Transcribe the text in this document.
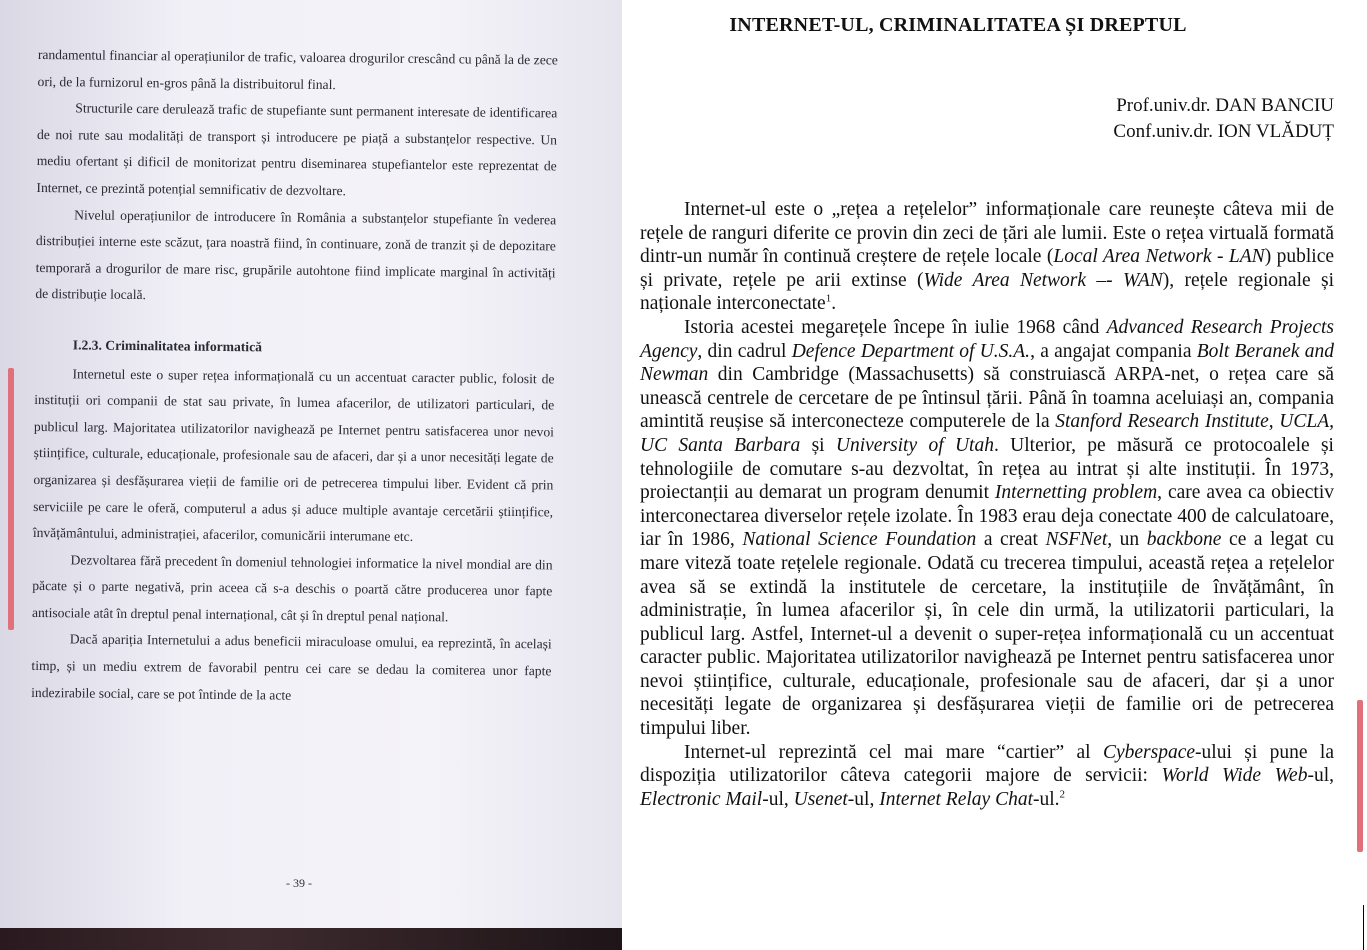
randamentul financiar al operațiunilor de trafic, valoarea drogurilor crescând cu până la de zece ori, de la furnizorul en-gros până la distribuitorul final.

Structurile care derulează trafic de stupefiante sunt permanent interesate de identificarea de noi rute sau modalități de transport și introducere pe piață a substanțelor respective. Un mediu ofertant și dificil de monitorizat pentru diseminarea stupefiantelor este reprezentat de Internet, ce prezintă potențial semnificativ de dezvoltare.

Nivelul operațiunilor de introducere în România a substanțelor stupefiante în vederea distribuției interne este scăzut, țara noastră fiind, în continuare, zonă de tranzit și de depozitare temporară a drogurilor de mare risc, grupările autohtone fiind implicate marginal în activități de distribuție locală.

I.2.3. Criminalitatea informatică

Internetul este o super rețea informațională cu un accentuat caracter public, folosit de instituții ori companii de stat sau private, în lumea afacerilor, de utilizatori particulari, de publicul larg. Majoritatea utilizatorilor navighează pe Internet pentru satisfacerea unor nevoi științifice, culturale, educaționale, profesionale sau de afaceri, dar și a unor necesități legate de organizarea și desfășurarea vieții de familie ori de petrecerea timpului liber. Evident că prin serviciile pe care le oferă, computerul a adus și aduce multiple avantaje cercetării științifice, învățământului, administrației, afacerilor, comunicării interumane etc.

Dezvoltarea fără precedent în domeniul tehnologiei informatice la nivel mondial are din păcate și o parte negativă, prin aceea că s-a deschis o poartă către producerea unor fapte antisociale atât în dreptul penal internațional, cât și în dreptul penal național.

Dacă apariția Internetului a adus beneficii miraculoase omului, ea reprezintă, în același timp, și un mediu extrem de favorabil pentru cei care se dedau la comiterea unor fapte indezirabile social, care se pot întinde de la acte

- 39 -
INTERNET-UL, CRIMINALITATEA ȘI DREPTUL
Prof.univ.dr. DAN BANCIU
Conf.univ.dr. ION VLĂDUȚ

Internet-ul este o „rețea a rețelelor” informaționale care reunește câteva mii de rețele de ranguri diferite ce provin din zeci de țări ale lumii. Este o rețea virtuală formată dintr-un număr în continuă creștere de rețele locale (Local Area Network - LAN) publice și private, rețele pe arii extinse (Wide Area Network –- WAN), rețele regionale și naționale interconectate$^1$.

Istoria acestei megarețele începe în iulie 1968 când Advanced Research Projects Agency, din cadrul Defence Department of U.S.A., a angajat compania Bolt Beranek and Newman din Cambridge (Massachusetts) să construiască ARPA-net, o rețea care să unească centrele de cercetare de pe întinsul țării. Până în toamna aceluiași an, compania amintită reușise să interconecteze computerele de la Stanford Research Institute, UCLA, UC Santa Barbara și University of Utah. Ulterior, pe măsură ce protocoalele și tehnologiile de comutare s-au dezvoltat, în rețea au intrat și alte instituții. În 1973, proiectanții au demarat un program denumit Internetting problem, care avea ca obiectiv interconectarea diverselor rețele izolate. În 1983 erau deja conectate 400 de calculatoare, iar în 1986, National Science Foundation a creat NSFNet, un backbone ce a legat cu mare viteză toate rețelele regionale. Odată cu trecerea timpului, această rețea a rețelelor avea să se extindă la institutele de cercetare, la instituțiile de învățământ, în administrație, în lumea afacerilor și, în cele din urmă, la utilizatorii particulari, la publicul larg. Astfel, Internet-ul a devenit o super-rețea informațională cu un accentuat caracter public. Majoritatea utilizatorilor navighează pe Internet pentru satisfacerea unor nevoi științifice, culturale, educaționale, profesionale sau de afaceri, dar și a unor necesități legate de organizarea și desfășurarea vieții de familie ori de petrecerea timpului liber.

Internet-ul reprezintă cel mai mare “cartier” al Cyberspace-ului și pune la dispoziția utilizatorilor câteva categorii majore de servicii: World Wide Web-ul, Electronic Mail-ul, Usenet-ul, Internet Relay Chat-ul.$^2$
